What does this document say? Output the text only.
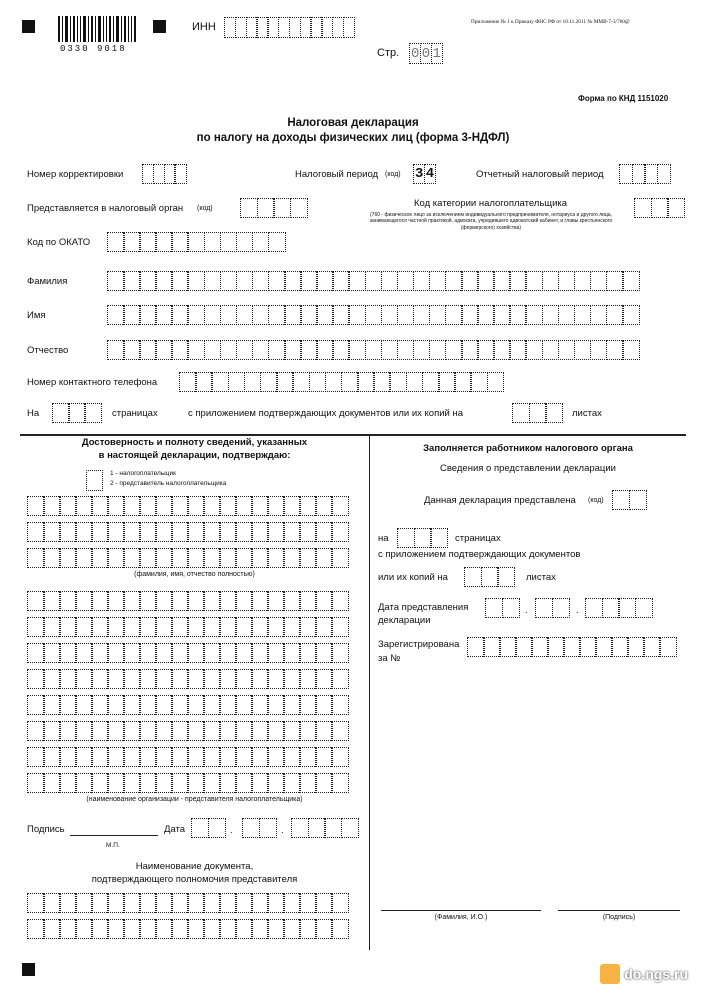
0330 9018
ИНН	Приложение № 1 к Приказу ФНС РФ от 10.11.2011 № ММВ-7-3/760@
Стр. 0 0 1
Форма по КНД 1151020
Налоговая декларация
по налогу на доходы физических лиц (форма 3-НДФЛ)
Номер корректировки	Налоговый период (код) 3 4	Отчетный налоговый период
Представляется в налоговый орган (код)	Код категории налогоплательщика
(760 - физическое лицо за исключением индивидуального предпринимателя, нотариуса и другого лица, занимающегося частной практикой, адвоката, учредившего адвокатский кабинет, и главы крестьянского (фермерского) хозяйства)
Код по ОКАТО
Фамилия
Имя
Отчество
Номер контактного телефона
На	страницах	с приложением подтверждающих документов или их копий на	листах
Достоверность и полноту сведений, указанных
в настоящей декларации, подтверждаю:
1 - налогоплательщик
2 - представитель налогоплательщика
(фамилия, имя, отчество полностью)
(наименование организации - представителя налогоплательщика)
Подпись
М.П.
Дата	.	.
Наименование документа,
подтверждающего полномочия представителя
Заполняется работником налогового органа
Сведения о представлении декларации
Данная декларация представлена (код)
на	страницах
с приложением подтверждающих документов
или их копий на	листах
Дата представления
декларации
.	.
Зарегистрирована
за №
(Фамилия, И.О.)	(Подпись)
do.ngs.ru
